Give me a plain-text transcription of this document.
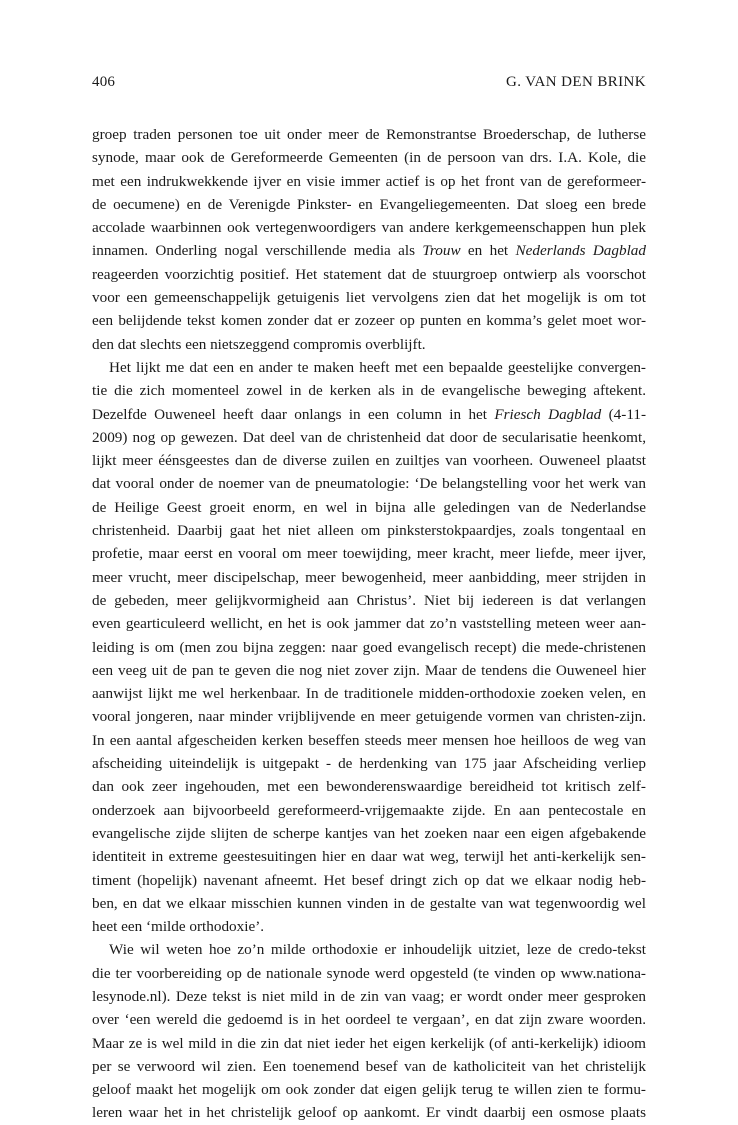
406	G. VAN DEN BRINK
groep traden personen toe uit onder meer de Remonstrantse Broederschap, de lutherse
synode, maar ook de Gereformeerde Gemeenten (in de persoon van drs. I.A. Kole, die
met een indrukwekkende ijver en visie immer actief is op het front van de gereformeer-
de oecumene) en de Verenigde Pinkster- en Evangeliegemeenten. Dat sloeg een brede
accolade waarbinnen ook vertegenwoordigers van andere kerkgemeenschappen hun plek
innamen. Onderling nogal verschillende media als Trouw en het Nederlands Dagblad
reageerden voorzichtig positief. Het statement dat de stuurgroep ontwierp als voorschot
voor een gemeenschappelijk getuigenis liet vervolgens zien dat het mogelijk is om tot
een belijdende tekst komen zonder dat er zozeer op punten en komma’s gelet moet wor-
den dat slechts een nietszeggend compromis overblijft.
Het lijkt me dat een en ander te maken heeft met een bepaalde geestelijke convergen-
tie die zich momenteel zowel in de kerken als in de evangelische beweging aftekent.
Dezelfde Ouweneel heeft daar onlangs in een column in het Friesch Dagblad (4-11-
2009) nog op gewezen. Dat deel van de christenheid dat door de secularisatie heenkomt,
lijkt meer éénsgeestes dan de diverse zuilen en zuiltjes van voorheen. Ouweneel plaatst
dat vooral onder de noemer van de pneumatologie: ‘De belangstelling voor het werk van
de Heilige Geest groeit enorm, en wel in bijna alle geledingen van de Nederlandse
christenheid. Daarbij gaat het niet alleen om pinksterstokpaardjes, zoals tongentaal en
profetie, maar eerst en vooral om meer toewijding, meer kracht, meer liefde, meer ijver,
meer vrucht, meer discipelschap, meer bewogenheid, meer aanbidding, meer strijden in
de gebeden, meer gelijkvormigheid aan Christus’. Niet bij iedereen is dat verlangen
even gearticuleerd wellicht, en het is ook jammer dat zo’n vaststelling meteen weer aan-
leiding is om (men zou bijna zeggen: naar goed evangelisch recept) die mede-christenen
een veeg uit de pan te geven die nog niet zover zijn. Maar de tendens die Ouweneel hier
aanwijst lijkt me wel herkenbaar. In de traditionele midden-orthodoxie zoeken velen, en
vooral jongeren, naar minder vrijblijvende en meer getuigende vormen van christen-zijn.
In een aantal afgescheiden kerken beseffen steeds meer mensen hoe heilloos de weg van
afscheiding uiteindelijk is uitgepakt - de herdenking van 175 jaar Afscheiding verliep
dan ook zeer ingehouden, met een bewonderenswaardige bereidheid tot kritisch zelf-
onderzoek aan bijvoorbeeld gereformeerd-vrijgemaakte zijde. En aan pentecostale en
evangelische zijde slijten de scherpe kantjes van het zoeken naar een eigen afgebakende
identiteit in extreme geestesuitingen hier en daar wat weg, terwijl het anti-kerkelijk sen-
timent (hopelijk) navenant afneemt. Het besef dringt zich op dat we elkaar nodig heb-
ben, en dat we elkaar misschien kunnen vinden in de gestalte van wat tegenwoordig wel
heet een ‘milde orthodoxie’.
Wie wil weten hoe zo’n milde orthodoxie er inhoudelijk uitziet, leze de credo-tekst
die ter voorbereiding op de nationale synode werd opgesteld (te vinden op www.nationa-
lesynode.nl). Deze tekst is niet mild in de zin van vaag; er wordt onder meer gesproken
over ‘een wereld die gedoemd is in het oordeel te vergaan’, en dat zijn zware woorden.
Maar ze is wel mild in die zin dat niet ieder het eigen kerkelijk (of anti-kerkelijk) idioom
per se verwoord wil zien. Een toenemend besef van de katholiciteit van het christelijk
geloof maakt het mogelijk om ook zonder dat eigen gelijk terug te willen zien te formu-
leren waar het in het christelijk geloof op aankomt. Er vindt daarbij een osmose plaats
